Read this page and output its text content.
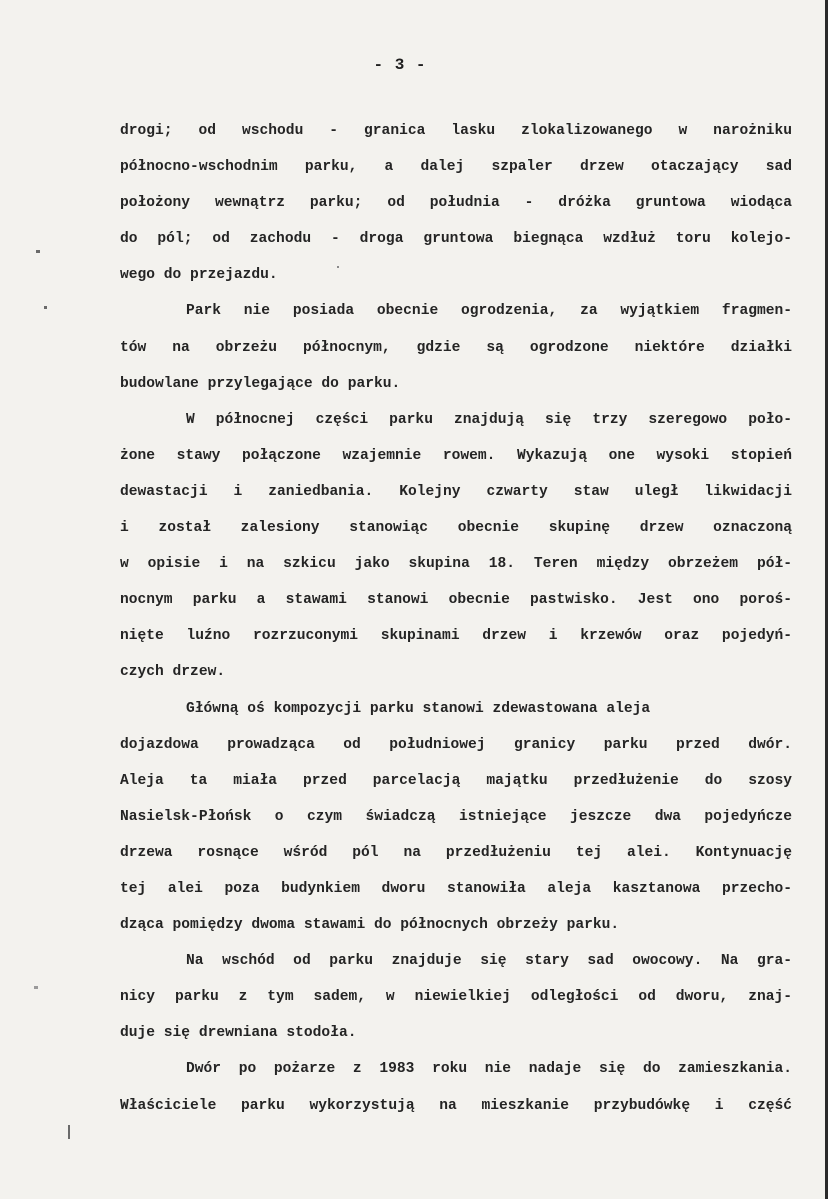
- 3 -
drogi; od wschodu - granica lasku zlokalizowanego w narożniku
północno-wschodnim parku, a dalej szpaler drzew otaczający sad
położony wewnątrz parku; od południa - dróżka gruntowa wiodąca
do pól; od zachodu - droga gruntowa biegnąca wzdłuż toru kolejo-
wego do przejazdu.
Park nie posiada obecnie ogrodzenia, za wyjątkiem fragmen-
tów na obrzeżu północnym, gdzie są ogrodzone niektóre działki
budowlane przylegające do parku.
W północnej części parku znajdują się trzy szeregowo poło-
żone stawy połączone wzajemnie rowem. Wykazują one wysoki stopień
dewastacji i zaniedbania. Kolejny czwarty staw uległ likwidacji
i został zalesiony stanowiąc obecnie skupinę drzew oznaczoną
w opisie i na szkicu jako skupina 18. Teren między obrzeżem pół-
nocnym parku a stawami stanowi obecnie pastwisko. Jest ono poroś-
nięte luźno rozrzuconymi skupinami drzew i krzewów oraz pojedyń-
czych drzew.
Główną oś kompozycji parku stanowi zdewastowana aleja
dojazdowa prowadząca od południowej granicy parku przed dwór.
Aleja ta miała przed parcelacją majątku przedłużenie do szosy
Nasielsk-Płońsk o czym świadczą istniejące jeszcze dwa pojedyńcze
drzewa rosnące wśród pól na przedłużeniu tej alei. Kontynuację
tej alei poza budynkiem dworu stanowiła aleja kasztanowa przecho-
dząca pomiędzy dwoma stawami do północnych obrzeży parku.
Na wschód od parku znajduje się stary sad owocowy. Na gra-
nicy parku z tym sadem, w niewielkiej odległości od dworu, znaj-
duje się drewniana stodoła.
Dwór po pożarze z 1983 roku nie nadaje się do zamieszkania.
Właściciele parku wykorzystują na mieszkanie przybudówkę i część
